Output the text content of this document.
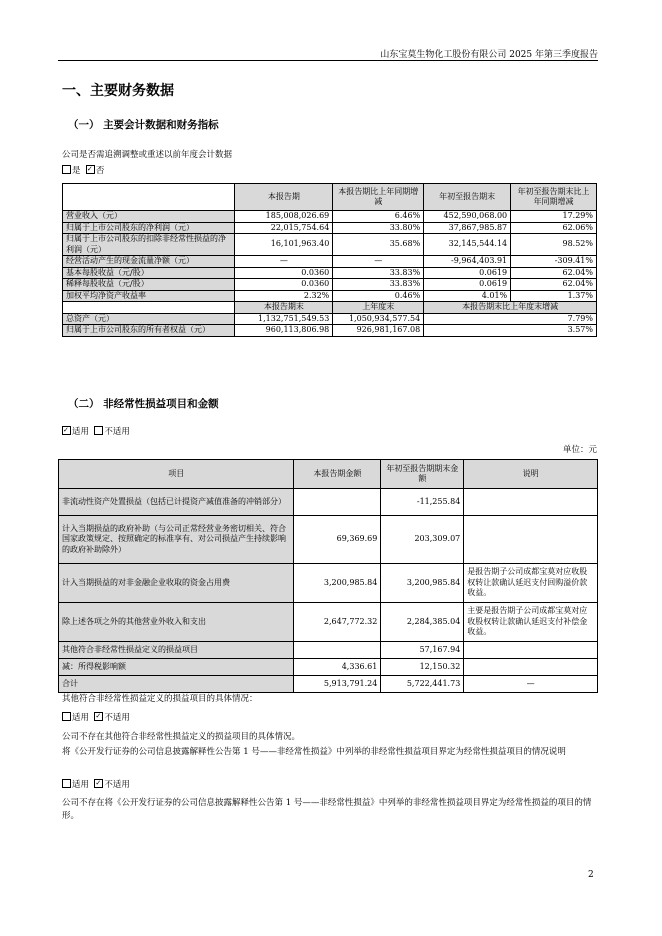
山东宝莫生物化工股份有限公司 2025 年第三季度报告
一、主要财务数据
（一） 主要会计数据和财务指标
公司是否需追溯调整或重述以前年度会计数据
是 ✓ 否
	本报告期	本报告期比上年同期增减	年初至报告期末	年初至报告期末比上年同期增减
营业收入（元）	185,008,026.69	6.46%	452,590,068.00	17.29%
归属于上市公司股东的净利润（元）	22,015,754.64	33.80%	37,867,985.87	62.06%
归属于上市公司股东的扣除非经常性损益的净利润（元）	16,101,963.40	35.68%	32,145,544.14	98.52%
经营活动产生的现金流量净额（元）	—	—	-9,964,403.91	-309.41%
基本每股收益（元/股）	0.0360	33.83%	0.0619	62.04%
稀释每股收益（元/股）	0.0360	33.83%	0.0619	62.04%
加权平均净资产收益率	2.32%	0.46%	4.01%	1.37%
	本报告期末	上年度末	本报告期末比上年度末增减	
总资产（元）	1,132,751,549.53	1,050,934,577.54	7.79%	
归属于上市公司股东的所有者权益（元）	960,113,806.98	926,981,167.08	3.57%	
（二） 非经常性损益项目和金额
✓适用 不适用
单位：元
项目	本报告期金额	年初至报告期期末金额	说明
非流动性资产处置损益（包括已计提资产减值准备的冲销部分）		-11,255.84	
计入当期损益的政府补助（与公司正常经营业务密切相关、符合国家政策规定、按照确定的标准享有、对公司损益产生持续影响的政府补助除外）	69,369.69	203,309.07	
计入当期损益的对非金融企业收取的资金占用费	3,200,985.84	3,200,985.84	是报告期子公司成都宝莫对应收股权转让款确认延迟支付回购溢价款收益。
除上述各项之外的其他营业外收入和支出	2,647,772.32	2,284,385.04	主要是报告期子公司成都宝莫对应收股权转让款确认延迟支付补偿金收益。
其他符合非经常性损益定义的损益项目		57,167.94	
减：所得税影响额	4,336.61	12,150.32	
合计	5,913,791.24	5,722,441.73	—
其他符合非经常性损益定义的损益项目的具体情况：
适用 ✓ 不适用
公司不存在其他符合非经常性损益定义的损益项目的具体情况。
将《公开发行证券的公司信息披露解释性公告第 1 号——非经常性损益》中列举的非经常性损益项目界定为经常性损益项目的情况说明
适用 ✓ 不适用
公司不存在将《公开发行证券的公司信息披露解释性公告第 1 号——非经常性损益》中列举的非经常性损益项目界定为经常性损益的项目的情形。
2
